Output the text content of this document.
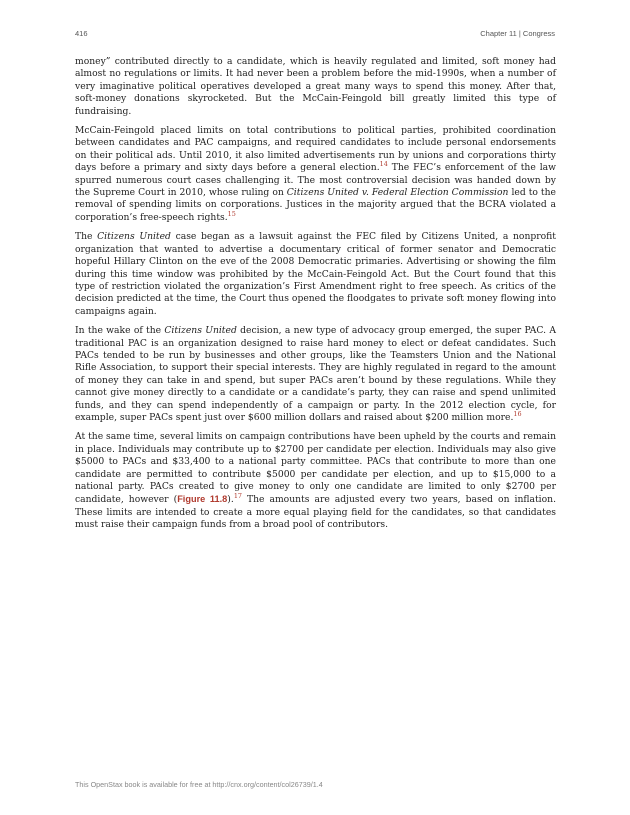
416	Chapter 11 | Congress

money” contributed directly to a candidate, which is heavily regulated and limited, soft money had almost no regulations or limits. It had never been a problem before the mid-1990s, when a number of very imaginative political operatives developed a great many ways to spend this money. After that, soft-money donations skyrocketed. But the McCain-Feingold bill greatly limited this type of fundraising.

McCain-Feingold placed limits on total contributions to political parties, prohibited coordination between candidates and PAC campaigns, and required candidates to include personal endorsements on their political ads. Until 2010, it also limited advertisements run by unions and corporations thirty days before a primary and sixty days before a general election.$^{14}$ The FEC’s enforcement of the law spurred numerous court cases challenging it. The most controversial decision was handed down by the Supreme Court in 2010, whose ruling on Citizens United v. Federal Election Commission led to the removal of spending limits on corporations. Justices in the majority argued that the BCRA violated a corporation’s free-speech rights.$^{15}$

The Citizens United case began as a lawsuit against the FEC filed by Citizens United, a nonprofit organization that wanted to advertise a documentary critical of former senator and Democratic hopeful Hillary Clinton on the eve of the 2008 Democratic primaries. Advertising or showing the film during this time window was prohibited by the McCain-Feingold Act. But the Court found that this type of restriction violated the organization’s First Amendment right to free speech. As critics of the decision predicted at the time, the Court thus opened the floodgates to private soft money flowing into campaigns again.

In the wake of the Citizens United decision, a new type of advocacy group emerged, the super PAC. A traditional PAC is an organization designed to raise hard money to elect or defeat candidates. Such PACs tended to be run by businesses and other groups, like the Teamsters Union and the National Rifle Association, to support their special interests. They are highly regulated in regard to the amount of money they can take in and spend, but super PACs aren’t bound by these regulations. While they cannot give money directly to a candidate or a candidate’s party, they can raise and spend unlimited funds, and they can spend independently of a campaign or party. In the 2012 election cycle, for example, super PACs spent just over $600 million dollars and raised about $200 million more.$^{16}$

At the same time, several limits on campaign contributions have been upheld by the courts and remain in place. Individuals may contribute up to $2700 per candidate per election. Individuals may also give $5000 to PACs and $33,400 to a national party committee. PACs that contribute to more than one candidate are permitted to contribute $5000 per candidate per election, and up to $15,000 to a national party. PACs created to give money to only one candidate are limited to only $2700 per candidate, however (Figure 11.8).$^{17}$ The amounts are adjusted every two years, based on inflation. These limits are intended to create a more equal playing field for the candidates, so that candidates must raise their campaign funds from a broad pool of contributors.

This OpenStax book is available for free at http://cnx.org/content/col26739/1.4
